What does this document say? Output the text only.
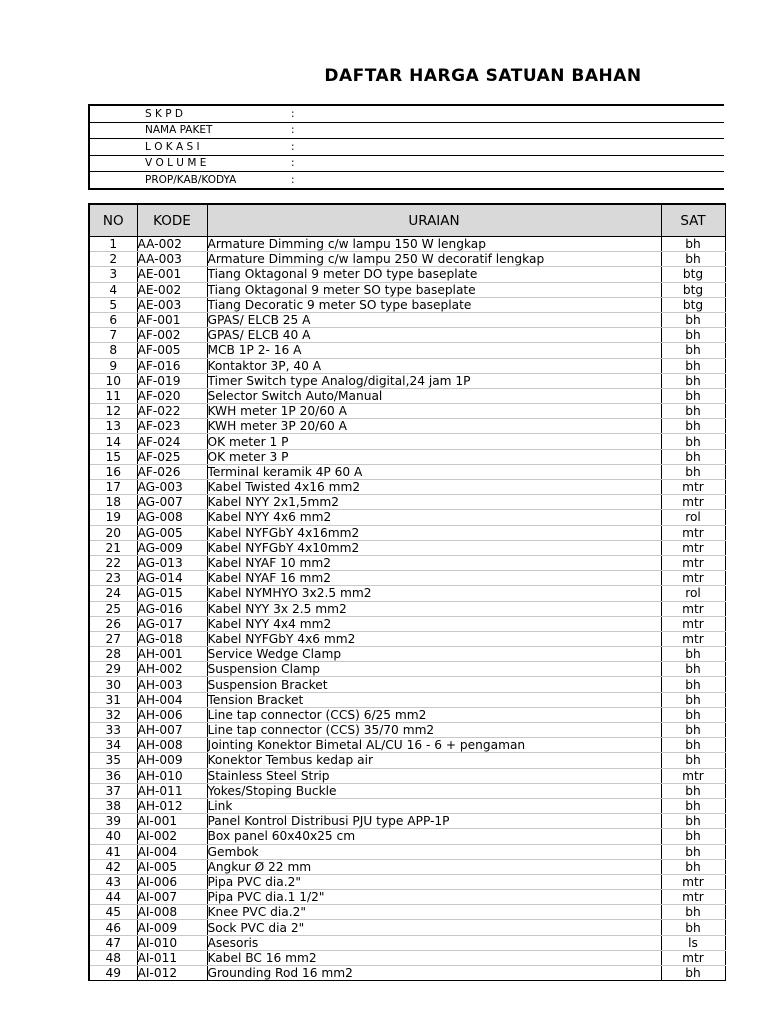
DAFTAR HARGA SATUAN BAHAN
S K P D	:	
NAMA PAKET	:	
L O K A S I	:	
V O L U M E	:	
PROP/KAB/KODYA	:	
NO	KODE	URAIAN	SAT
1	AA-002	Armature Dimming c/w lampu 150 W lengkap	bh
2	AA-003	Armature Dimming c/w lampu 250 W decoratif lengkap	bh
3	AE-001	Tiang Oktagonal 9 meter DO type baseplate	btg
4	AE-002	Tiang Oktagonal 9 meter SO type baseplate	btg
5	AE-003	Tiang Decoratic 9 meter SO type baseplate	btg
6	AF-001	GPAS/ ELCB 25 A	bh
7	AF-002	GPAS/ ELCB 40 A	bh
8	AF-005	MCB 1P 2- 16 A	bh
9	AF-016	Kontaktor 3P, 40 A	bh
10	AF-019	Timer Switch type Analog/digital,24 jam 1P	bh
11	AF-020	Selector Switch Auto/Manual	bh
12	AF-022	KWH meter 1P 20/60 A	bh
13	AF-023	KWH meter 3P 20/60 A	bh
14	AF-024	OK meter 1 P	bh
15	AF-025	OK meter 3 P	bh
16	AF-026	Terminal keramik 4P 60 A	bh
17	AG-003	Kabel Twisted 4x16 mm2	mtr
18	AG-007	Kabel NYY 2x1,5mm2	mtr
19	AG-008	Kabel NYY 4x6 mm2	rol
20	AG-005	Kabel NYFGbY 4x16mm2	mtr
21	AG-009	Kabel NYFGbY 4x10mm2	mtr
22	AG-013	Kabel NYAF 10 mm2	mtr
23	AG-014	Kabel NYAF 16 mm2	mtr
24	AG-015	Kabel NYMHYO 3x2.5 mm2	rol
25	AG-016	Kabel NYY 3x 2.5 mm2	mtr
26	AG-017	Kabel NYY 4x4 mm2	mtr
27	AG-018	Kabel NYFGbY 4x6 mm2	mtr
28	AH-001	Service Wedge Clamp	bh
29	AH-002	Suspension Clamp	bh
30	AH-003	Suspension Bracket	bh
31	AH-004	Tension Bracket	bh
32	AH-006	Line tap connector (CCS) 6/25 mm2	bh
33	AH-007	Line tap connector (CCS) 35/70 mm2	bh
34	AH-008	Jointing Konektor Bimetal AL/CU 16 - 6 + pengaman	bh
35	AH-009	Konektor Tembus kedap air	bh
36	AH-010	Stainless Steel Strip	mtr
37	AH-011	Yokes/Stoping Buckle	bh
38	AH-012	Link	bh
39	AI-001	Panel Kontrol Distribusi PJU type APP-1P	bh
40	AI-002	Box panel 60x40x25 cm	bh
41	AI-004	Gembok	bh
42	AI-005	Angkur Ø 22 mm	bh
43	AI-006	Pipa PVC dia.2"	mtr
44	AI-007	Pipa PVC dia.1 1/2"	mtr
45	AI-008	Knee PVC dia.2"	bh
46	AI-009	Sock PVC dia 2"	bh
47	AI-010	Asesoris	ls
48	AI-011	Kabel BC 16 mm2	mtr
49	AI-012	Grounding Rod 16 mm2	bh
